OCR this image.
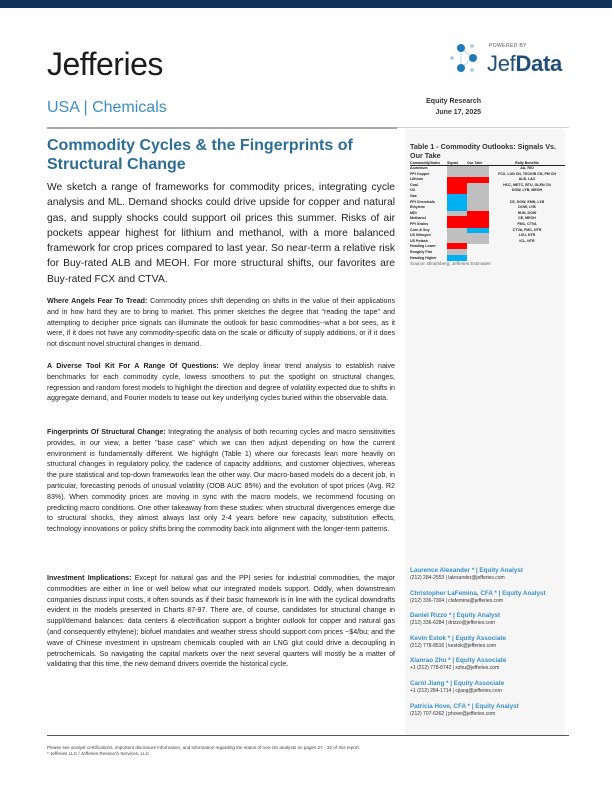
Jefferies	POWERED BY
JefData
USA | Chemicals	Equity Research
June 17, 2025
Commodity Cycles & the Fingerprints of Structural Change

We sketch a range of frameworks for commodity prices, integrating cycle analysis and ML. Demand shocks could drive upside for copper and natural gas, and supply shocks could support oil prices this summer. Risks of air pockets appear highest for lithium and methanol, with a more balanced framework for crop prices compared to last year. So near-term a relative risk for Buy-rated ALB and MEOH. For more structural shifts, our favorites are Buy-rated FCX and CTVA.

Where Angels Fear To Tread: Commodity prices shift depending on shifts in the value of their applications and in how hard they are to bring to market. This primer sketches the degree that "reading the tape" and attempting to decipher price signals can illuminate the outlook for basic commodities--what a bot sees, as it were, if it does not have any commodity-specific data on the scale or difficulty of supply additions, or if it does not discount novel structural changes in demand.

A Diverse Tool Kit For A Range Of Questions: We deploy linear trend analysis to establish naive benchmarks for each commodity cycle, lowess smoothers to put the spotlight on structural changes, regression and random forest models to highlight the direction and degree of volatility expected due to shifts in aggregate demand, and Fourier models to tease out key underlying cycles buried within the observable data.

Fingerprints Of Structural Change: Integrating the analysis of both recurring cycles and macro sensitivities provides, in our view, a better "base case" which we can then adjust depending on how the current environment is fundamentally different. We highlight (Table 1) where our forecasts lean more heavily on structural changes in regulatory policy, the cadence of capacity additions, and customer objectives, whereas the pure statistical and top-down frameworks lean the other way. Our macro-based models do a decent job, in particular, forecasting periods of unusual volatility (OOB AUC 85%) and the evolution of spot prices (Avg. R2 83%). When commodity prices are moving in sync with the macro models, we recommend focusing on predicting macro conditions. One other takeaway from these studies: when structural divergences emerge due to structural shocks, they almost always last only 2-4 years before new capacity, substitution effects, technology innovations or policy shifts bring the commodity back into alignment with the longer-term patterns.

Investment Implications: Except for natural gas and the PPI series for industrial commodities, the major commodities are either in line or well below what our integrated models support. Oddly, when downstream companies discuss input costs, it often sounds as if their basic framework is in line with the cyclical downdrafts evident in the models presented in Charts 87-97. There are, of course, candidates for structural change in suppl/demand balances: data centers & electrification support a brighter outlook for copper and natural gas (and consequently ethylene); biofuel mandates and weather stress should support corn prices ~$4/bu; and the wave of Chinese investment in upstream chemicals coupled with an LNG glut could drive a decoupling in petrochemicals. So navigating the capital markets over the next several quarters will mostly be a matter of validating that this time, the new demand drivers override the historical cycle.

Table 1 - Commodity Outlooks: Signals Vs. Our Take
Commodity/Index	Signal	Our Take	Rally Benefits
Aluminum	AA, RIO
PPI Copper	FCX, LUN CN, TECK/B CN, FM CN
Lithium	ALB, LAC
Coal	HCC, METC, BTU, GLEN CN
Oil	DOW, LYB, MEOH
Gas
PPI Chemicals	CE, DOW, EMN, LYB
Ethylene	DOW, LYB
MDI	HUN, DOW
Methanol	CE, MEOH
PPI Grains	FMC, CTVA
Corn & Soy	CTVA, FMC, NTR
US Nitrogen	LXU, NTR
US Potash	ICL, NTR
Heading Lower
Roughly Flat
Heading Higher
Source: Bloomberg, Jefferies Estimates
Laurence Alexander * | Equity Analyst
(212) 284-2553 | lalexander@jefferies.com
Christopher LaFemina, CFA * | Equity Analyst
(212) 336-7304 | clafemina@jefferies.com
Daniel Rizzo * | Equity Analyst
(212) 336-6284 | drizzo@jefferies.com
Kevin Estok * | Equity Associate
(212) 778-8516 | kestok@jefferies.com
Xianrao Zhu * | Equity Associate
+1 (212) 778-8742 | xzhu@jefferies.com
Carol Jiang * | Equity Associate
+1 (212) 284-1714 | cjiang@jefferies.com
Patricia Hove, CFA * | Equity Analyst
(212) 707-6362 | phove@jefferies.com
Please see analyst certifications, important disclosure information, and information regarding the status of non-US analysts on pages 27 - 32 of this report.
* Jefferies LLC / Jefferies Research Services, LLC
